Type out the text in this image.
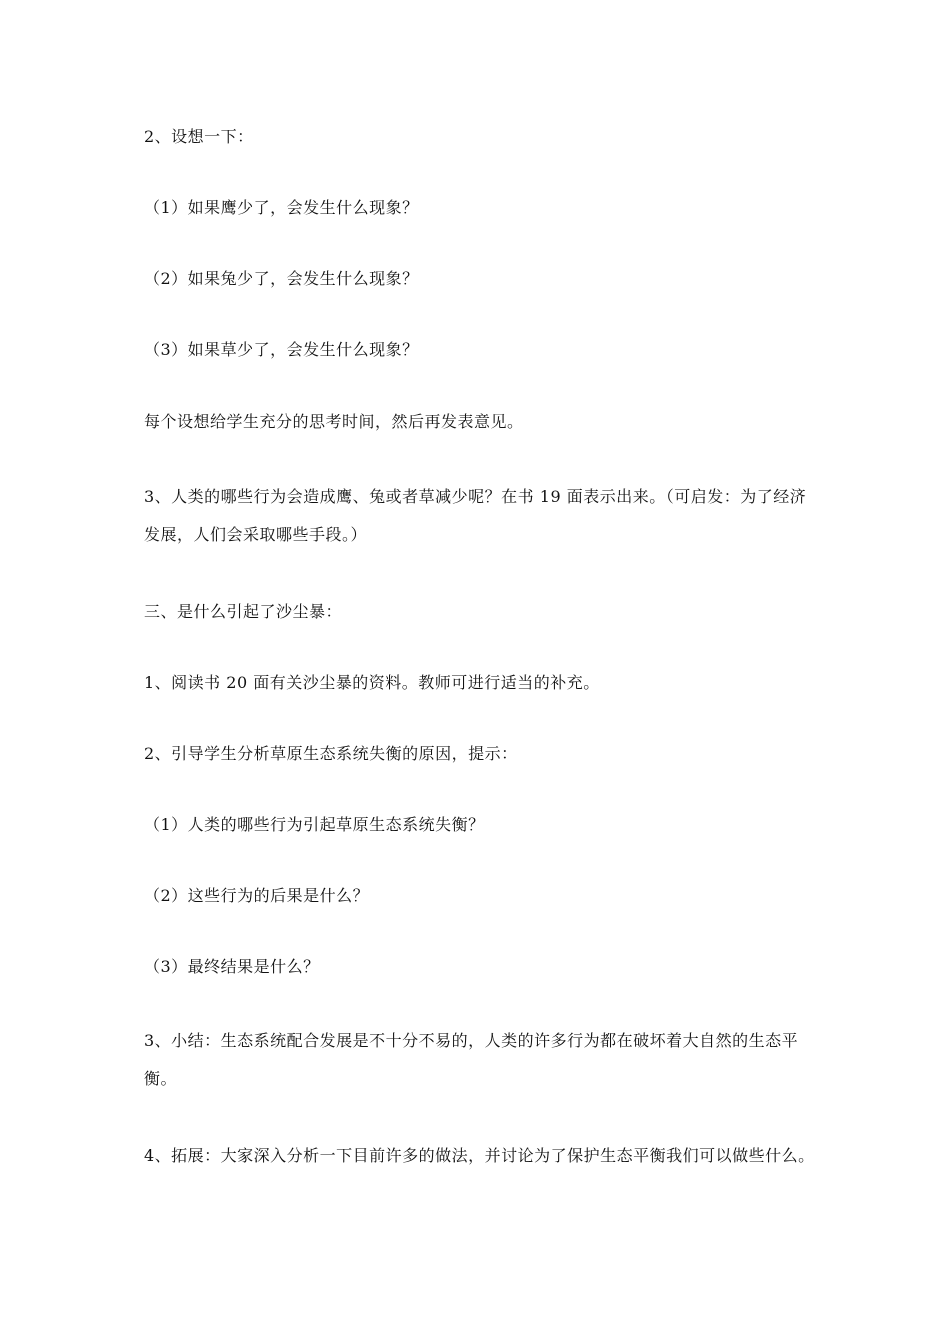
2、设想一下：
（1）如果鹰少了，会发生什么现象？
（2）如果兔少了，会发生什么现象？
（3）如果草少了，会发生什么现象？
每个设想给学生充分的思考时间，然后再发表意见。
3、人类的哪些行为会造成鹰、兔或者草减少呢？在书 19 面表示出来。（可启发：为了经济发展，人们会采取哪些手段。）
三、是什么引起了沙尘暴：
1、阅读书 20 面有关沙尘暴的资料。教师可进行适当的补充。
2、引导学生分析草原生态系统失衡的原因，提示：
（1）人类的哪些行为引起草原生态系统失衡？
（2）这些行为的后果是什么？
（3）最终结果是什么？
3、小结：生态系统配合发展是不十分不易的，人类的许多行为都在破坏着大自然的生态平衡。
4、拓展：大家深入分析一下目前许多的做法，并讨论为了保护生态平衡我们可以做些什么。
